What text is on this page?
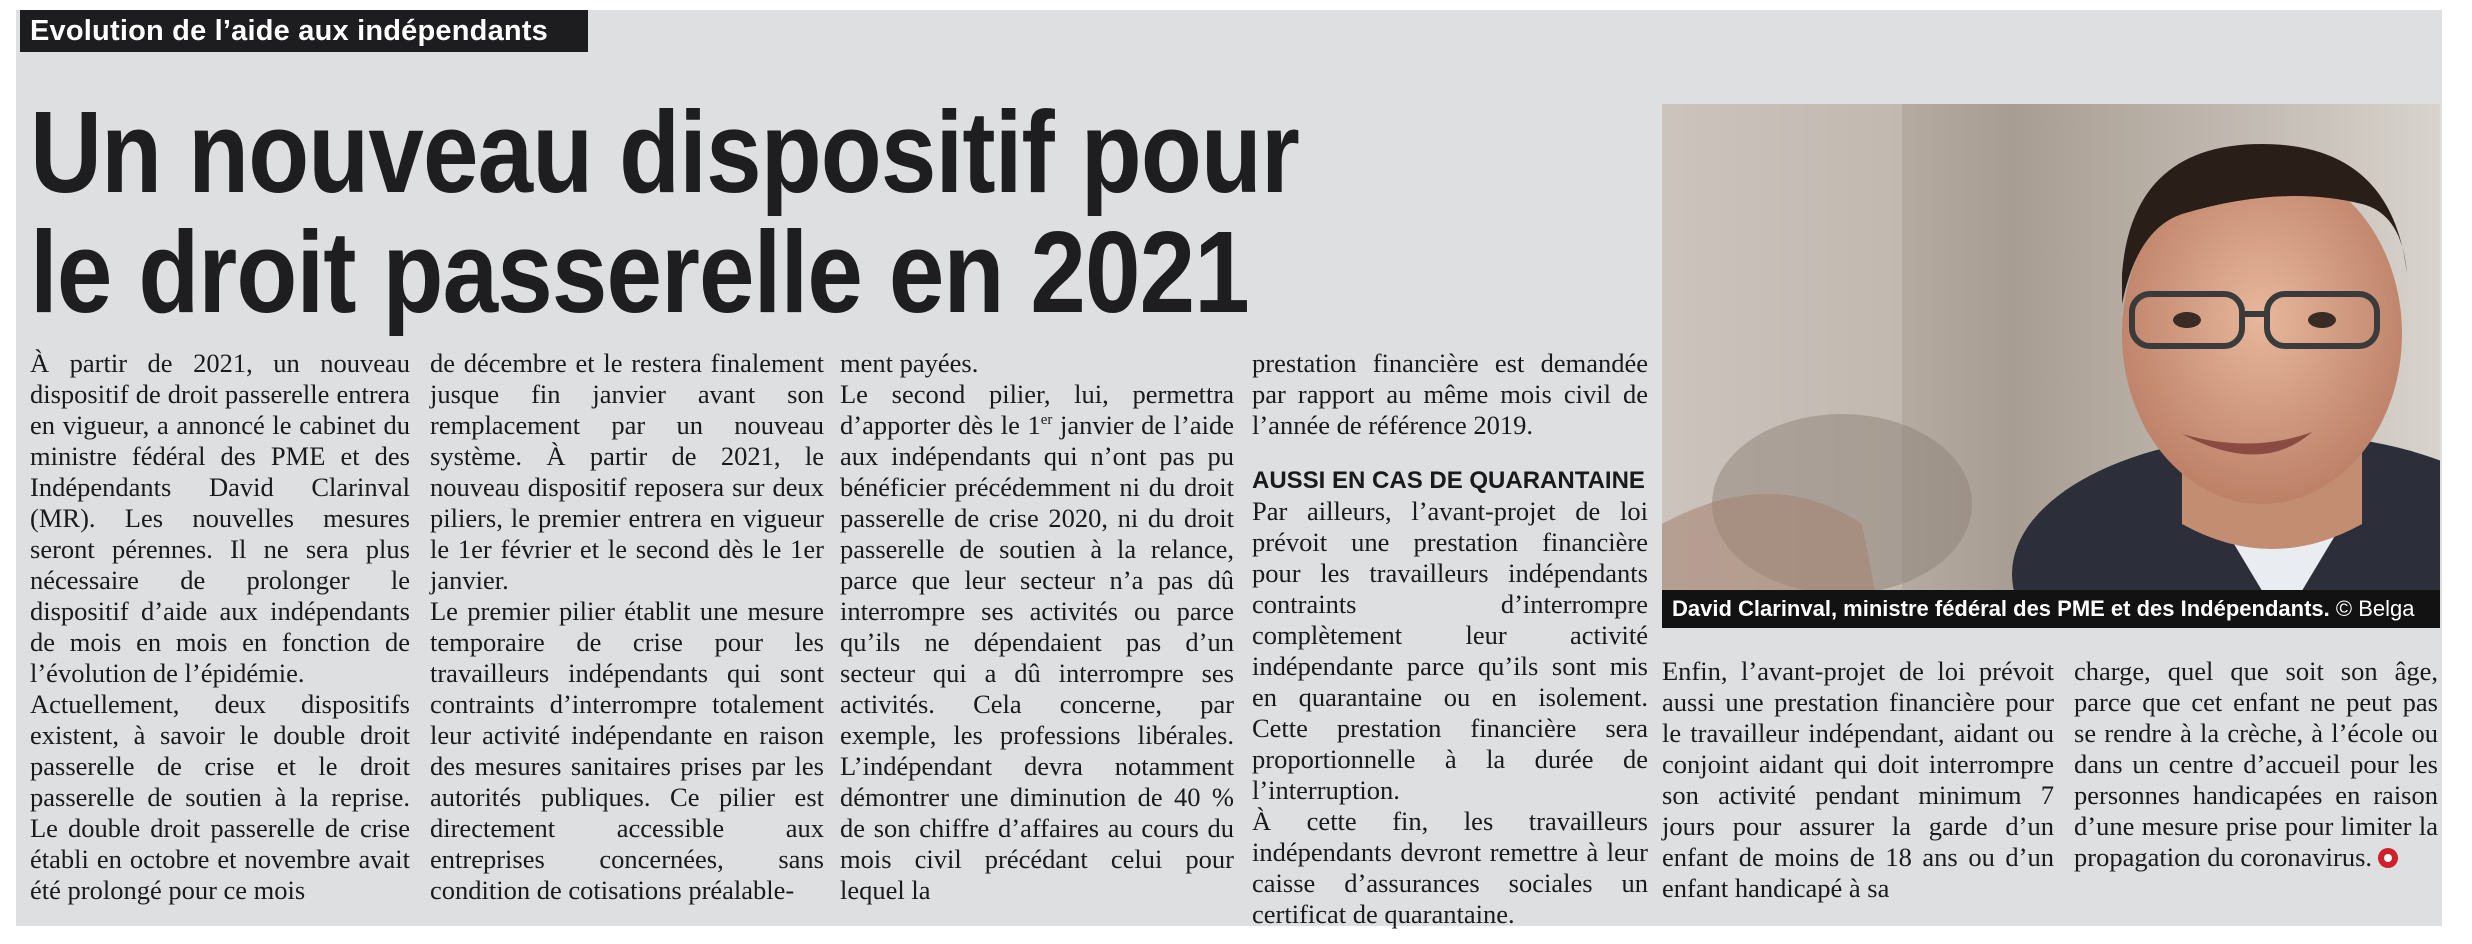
Evolution de l’aide aux indépendants
Un nouveau dispositif pour
le droit passerelle en 2021

À partir de 2021, un nouveau dispositif de droit passerelle entrera en vigueur, a annoncé le cabinet du ministre fédéral des PME et des Indépendants David Clarinval (MR). Les nouvelles mesures seront pérennes. Il ne sera plus nécessaire de prolonger le dispositif d’aide aux indépendants de mois en mois en fonction de l’évolution de l’épidémie.

Actuellement, deux dispositifs existent, à savoir le double droit passerelle de crise et le droit passerelle de soutien à la reprise. Le double droit passerelle de crise établi en octobre et novembre avait été prolongé pour ce mois

de décembre et le restera finalement jusque fin janvier avant son remplacement par un nouveau système. À partir de 2021, le nouveau dispositif reposera sur deux piliers, le premier entrera en vigueur le 1er février et le second dès le 1er janvier.

Le premier pilier établit une mesure temporaire de crise pour les travailleurs indépendants qui sont contraints d’interrompre totalement leur activité indépendante en raison des mesures sanitaires prises par les autorités publiques. Ce pilier est directement accessible aux entreprises concernées, sans condition de cotisations préalable-

ment payées.

Le second pilier, lui, permettra d’apporter dès le 1er janvier de l’aide aux indépendants qui n’ont pas pu bénéficier précédemment ni du droit passerelle de crise 2020, ni du droit passerelle de soutien à la relance, parce que leur secteur n’a pas dû interrompre ses activités ou parce qu’ils ne dépendaient pas d’un secteur qui a dû interrompre ses activités. Cela concerne, par exemple, les professions libérales. L’indépendant devra notamment démontrer une diminution de 40 % de son chiffre d’affaires au cours du mois civil précédant celui pour lequel la

prestation financière est demandée par rapport au même mois civil de l’année de référence 2019.

AUSSI EN CAS DE QUARANTAINE

Par ailleurs, l’avant-projet de loi prévoit une prestation financière pour les travailleurs indépendants contraints d’interrompre complètement leur activité indépendante parce qu’ils sont mis en quarantaine ou en isolement. Cette prestation financière sera proportionnelle à la durée de l’interruption.

À cette fin, les travailleurs indépendants devront remettre à leur caisse d’assurances sociales un certificat de quarantaine.

David Clarinval, ministre fédéral des PME et des Indépendants. © Belga

Enfin, l’avant-projet de loi prévoit aussi une prestation financière pour le travailleur indépendant, aidant ou conjoint aidant qui doit interrompre son activité pendant minimum 7 jours pour assurer la garde d’un enfant de moins de 18 ans ou d’un enfant handicapé à sa

charge, quel que soit son âge, parce que cet enfant ne peut pas se rendre à la crèche, à l’école ou dans un centre d’accueil pour les personnes handicapées en raison d’une mesure prise pour limiter la propagation du coronavirus.
